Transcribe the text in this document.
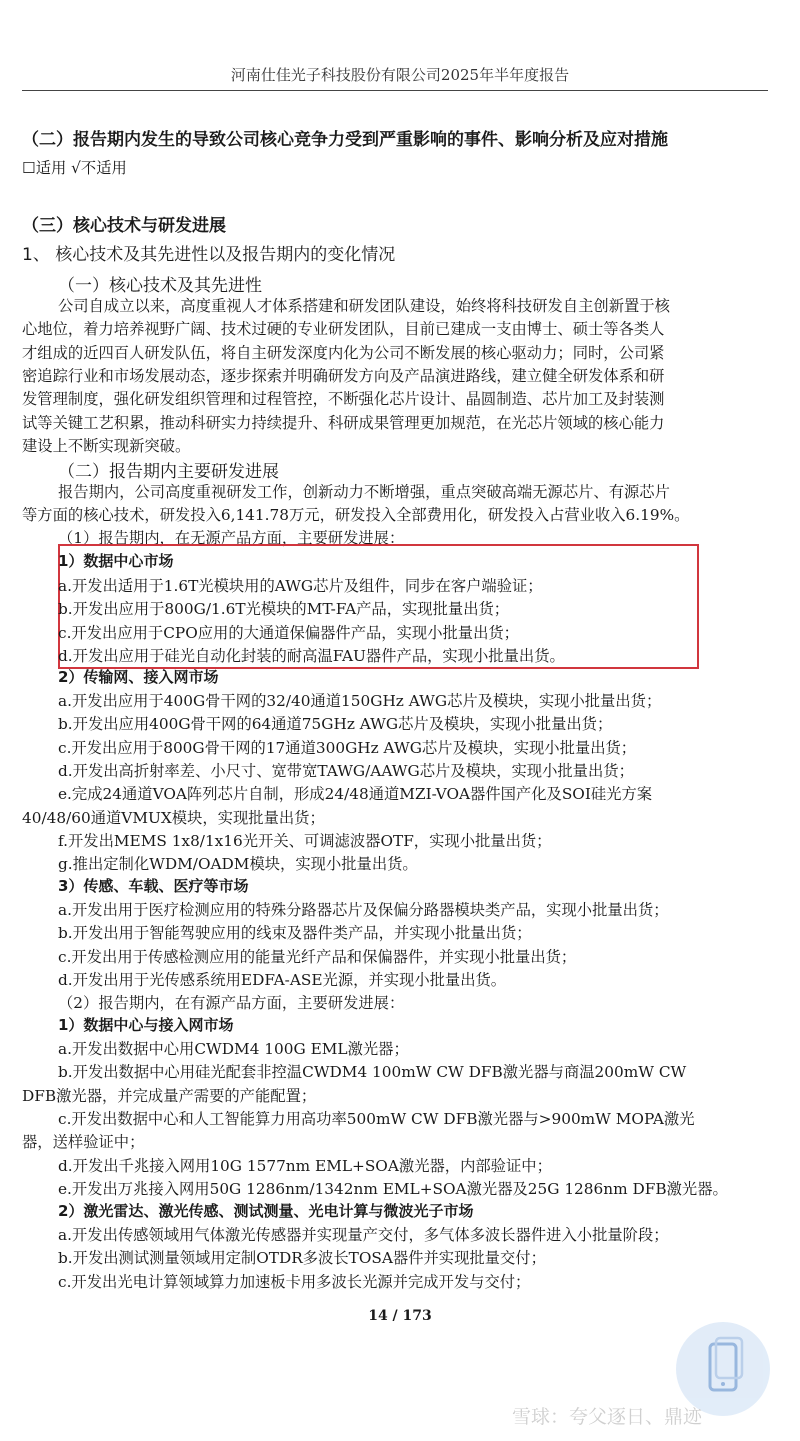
河南仕佳光子科技股份有限公司2025年半年度报告
（二）报告期内发生的导致公司核心竞争力受到严重影响的事件、影响分析及应对措施
☐适用 √不适用
（三）核心技术与研发进展
1、 核心技术及其先进性以及报告期内的变化情况
（一）核心技术及其先进性
公司自成立以来，高度重视人才体系搭建和研发团队建设，始终将科技研发自主创新置于核
心地位，着力培养视野广阔、技术过硬的专业研发团队，目前已建成一支由博士、硕士等各类人
才组成的近四百人研发队伍，将自主研发深度内化为公司不断发展的核心驱动力；同时，公司紧
密追踪行业和市场发展动态，逐步探索并明确研发方向及产品演进路线，建立健全研发体系和研
发管理制度，强化研发组织管理和过程管控，不断强化芯片设计、晶圆制造、芯片加工及封装测
试等关键工艺积累，推动科研实力持续提升、科研成果管理更加规范，在光芯片领域的核心能力
建设上不断实现新突破。
（二）报告期内主要研发进展
报告期内，公司高度重视研发工作，创新动力不断增强，重点突破高端无源芯片、有源芯片
等方面的核心技术，研发投入6,141.78万元，研发投入全部费用化，研发投入占营业收入6.19%。
（1）报告期内，在无源产品方面，主要研发进展：
1）数据中心市场
a.开发出适用于1.6T光模块用的AWG芯片及组件，同步在客户端验证；
b.开发出应用于800G/1.6T光模块的MT-FA产品，实现批量出货；
c.开发出应用于CPO应用的大通道保偏器件产品，实现小批量出货；
d.开发出应用于硅光自动化封装的耐高温FAU器件产品，实现小批量出货。
2）传输网、接入网市场
a.开发出应用于400G骨干网的32/40通道150GHz AWG芯片及模块，实现小批量出货；
b.开发出应用400G骨干网的64通道75GHz AWG芯片及模块，实现小批量出货；
c.开发出应用于800G骨干网的17通道300GHz AWG芯片及模块，实现小批量出货；
d.开发出高折射率差、小尺寸、宽带宽TAWG/AAWG芯片及模块，实现小批量出货；
e.完成24通道VOA阵列芯片自制，形成24/48通道MZI-VOA器件国产化及SOI硅光方案
40/48/60通道VMUX模块，实现批量出货；
f.开发出MEMS 1x8/1x16光开关、可调滤波器OTF，实现小批量出货；
g.推出定制化WDM/OADM模块，实现小批量出货。
3）传感、车载、医疗等市场
a.开发出用于医疗检测应用的特殊分路器芯片及保偏分路器模块类产品，实现小批量出货；
b.开发出用于智能驾驶应用的线束及器件类产品，并实现小批量出货；
c.开发出用于传感检测应用的能量光纤产品和保偏器件，并实现小批量出货；
d.开发出用于光传感系统用EDFA-ASE光源，并实现小批量出货。
（2）报告期内，在有源产品方面，主要研发进展：
1）数据中心与接入网市场
a.开发出数据中心用CWDM4 100G EML激光器；
b.开发出数据中心用硅光配套非控温CWDM4 100mW CW DFB激光器与商温200mW CW
DFB激光器，并完成量产需要的产能配置；
c.开发出数据中心和人工智能算力用高功率500mW CW DFB激光器与>900mW MOPA激光
器，送样验证中；
d.开发出千兆接入网用10G 1577nm EML+SOA激光器，内部验证中；
e.开发出万兆接入网用50G 1286nm/1342nm EML+SOA激光器及25G 1286nm DFB激光器。
2）激光雷达、激光传感、测试测量、光电计算与微波光子市场
a.开发出传感领域用气体激光传感器并实现量产交付，多气体多波长器件进入小批量阶段；
b.开发出测试测量领域用定制OTDR多波长TOSA器件并实现批量交付；
c.开发出光电计算领域算力加速板卡用多波长光源并完成开发与交付；
14 / 173
雪球：夸父逐日、鼎迹
